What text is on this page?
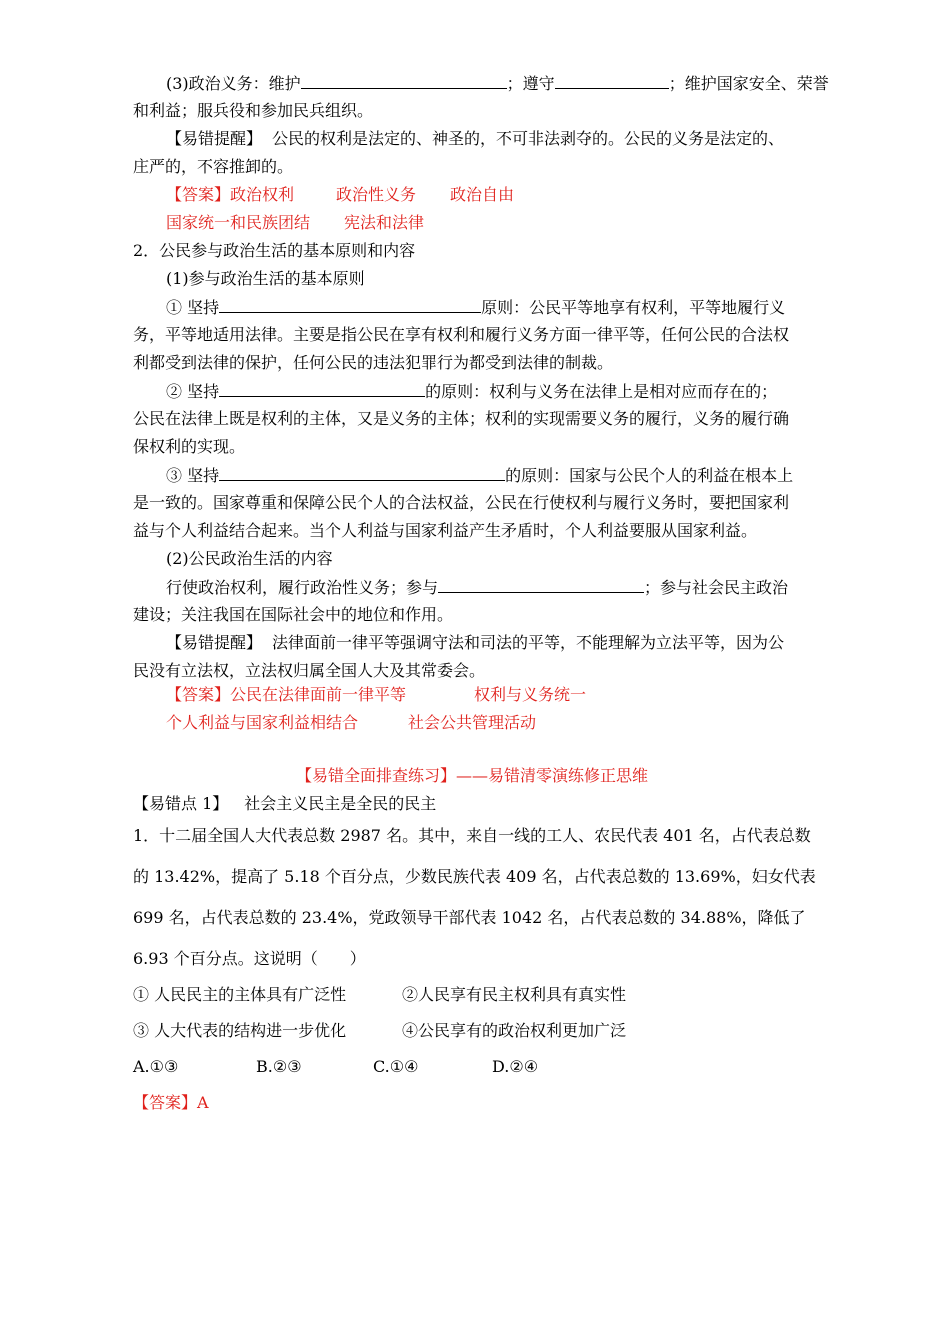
(3)政治义务：维护	；遵守	；维护国家安全、荣誉
和利益；服兵役和参加民兵组织。
【易错提醒】 公民的权利是法定的、神圣的，不可非法剥夺的。公民的义务是法定的、
庄严的，不容推卸的。
【答案】政治权利	政治性义务 政治自由
国家统一和民族团结 宪法和法律
2．公民参与政治生活的基本原则和内容
(1)参与政治生活的基本原则
① 坚持	原则：公民平等地享有权利，平等地履行义
务，平等地适用法律。主要是指公民在享有权利和履行义务方面一律平等，任何公民的合法权
利都受到法律的保护，任何公民的违法犯罪行为都受到法律的制裁。
② 坚持	的原则：权利与义务在法律上是相对应而存在的；
公民在法律上既是权利的主体，又是义务的主体；权利的实现需要义务的履行，义务的履行确
保权利的实现。
③ 坚持	的原则：国家与公民个人的利益在根本上
是一致的。国家尊重和保障公民个人的合法权益，公民在行使权利与履行义务时，要把国家利
益与个人利益结合起来。当个人利益与国家利益产生矛盾时，个人利益要服从国家利益。
(2)公民政治生活的内容
行使政治权利，履行政治性义务；参与	；参与社会民主政治
建设；关注我国在国际社会中的地位和作用。
【易错提醒】 法律面前一律平等强调守法和司法的平等，不能理解为立法平等，因为公
民没有立法权，立法权归属全国人大及其常委会。
【答案】公民在法律面前一律平等	权利与义务统一
个人利益与国家利益相结合	社会公共管理活动
【易错全面排查练习】——易错清零演练修正思维
【易错点 1】 社会主义民主是全民的民主
1．十二届全国人大代表总数 2987 名。其中，来自一线的工人、农民代表 401 名，占代表总数
的 13.42%，提高了 5.18 个百分点，少数民族代表 409 名，占代表总数的 13.69%，妇女代表
699 名，占代表总数的 23.4%，党政领导干部代表 1042 名，占代表总数的 34.88%，降低了
6.93 个百分点。这说明（　　）
① 人民民主的主体具有广泛性	②人民享有民主权利具有真实性
③ 人大代表的结构进一步优化	④公民享有的政治权利更加广泛
A.①③	B.②③	C.①④	D.②④
【答案】A
